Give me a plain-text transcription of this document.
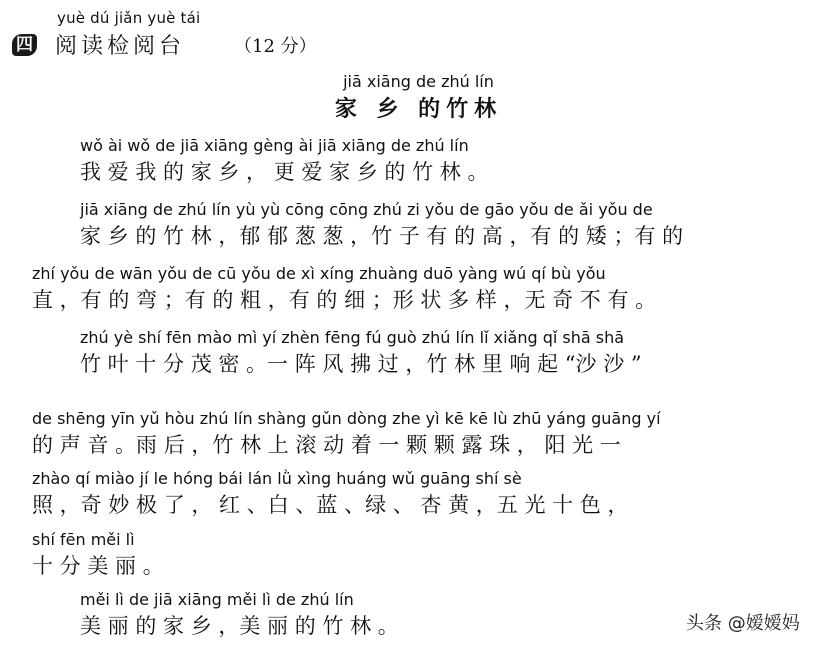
yuè dú jiǎn yuè tái
四 阅读检阅台	（12 分）
jiā xiāng de zhú lín
家 乡 的竹林
wǒ ài wǒ de jiā xiāng gèng ài jiā xiāng de zhú lín
我 爱 我 的 家 乡 ， 更 爱 家 乡 的 竹 林 。
jiā xiāng de zhú lín yù yù cōng cōng zhú zi yǒu de gāo yǒu de ǎi yǒu de
家 乡 的 竹 林 ，郁 郁 葱 葱 ，竹 子 有 的 高 ，有 的 矮 ；有 的
zhí yǒu de wān yǒu de cū yǒu de xì xíng zhuàng duō yàng wú qí bù yǒu
直 ，有 的 弯 ；有 的 粗 ，有 的 细 ；形 状 多 样 ，无 奇 不 有 。
zhú yè shí fēn mào mì yí zhèn fēng fú guò zhú lín lǐ xiǎng qǐ shā shā
竹 叶 十 分 茂 密 。一 阵 风 拂 过 ，竹 林 里 响 起 “沙 沙 ”
de shēng yīn yǔ hòu zhú lín shàng gǔn dòng zhe yì kē kē lù zhū yáng guāng yí
的 声 音 。雨 后 ，竹 林 上 滚 动 着 一 颗 颗 露 珠 ， 阳 光 一
zhào qí miào jí le hóng bái lán lǜ xìng huáng wǔ guāng shí sè
照 ，奇 妙 极 了 ， 红 、白 、蓝 、绿 、 杏 黄 ，五 光 十 色 ，
shí fēn měi lì
十 分 美 丽 。
měi lì de jiā xiāng měi lì de zhú lín
美 丽 的 家 乡 ，美 丽 的 竹 林 。	头条 @嫒嫒妈
